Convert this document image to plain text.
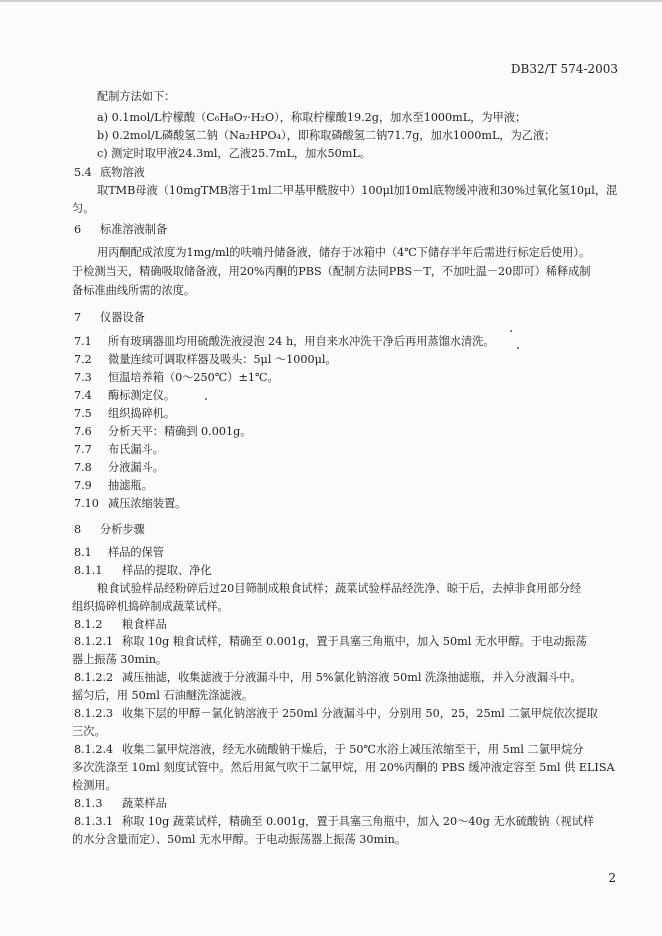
DB32/T 574-2003
配制方法如下：
a) 0.1mol/L柠檬酸（C₆H₈O₇·H₂O），称取柠檬酸19.2g，加水至1000mL，为甲液；
b) 0.2mol/L磷酸氢二钠（Na₂HPO₄），即称取磷酸氢二钠71.7g，加水1000mL，为乙液；
c) 测定时取甲液24.3ml，乙液25.7mL，加水50mL。
5.4 底物溶液
取TMB母液（10mgTMB溶于1ml二甲基甲酰胺中）100μl加10ml底物缓冲液和30%过氧化氢10μl，混
匀。
6 标准溶液制备
用丙酮配成浓度为1mg/ml的呋喃丹储备液，储存于冰箱中（4℃下储存半年后需进行标定后使用）。
于检测当天，精确吸取储备液，用20%丙酮的PBS（配制方法同PBS－T，不加吐温－20即可）稀释成制
备标准曲线所需的浓度。
7 仪器设备
7.1 所有玻璃器皿均用硫酸洗液浸泡 24 h，用自来水冲洗干净后再用蒸馏水清洗。
7.2 微量连续可调取样器及吸头：5μl ～1000μl。
7.3 恒温培养箱（0～250℃）±1℃。
7.4 酶标测定仪。
7.5 组织捣碎机。
7.6 分析天平：精确到 0.001g。
7.7 布氏漏斗。
7.8 分液漏斗。
7.9 抽滤瓶。
7.10 减压浓缩装置。
8 分析步骤
8.1 样品的保管
8.1.1 样品的提取、净化
粮食试验样品经粉碎后过20目筛制成粮食试样；蔬菜试验样品经洗净、晾干后，去掉非食用部分经
组织捣碎机捣碎制成蔬菜试样。
8.1.2 粮食样品
8.1.2.1 称取 10g 粮食试样，精确至 0.001g，置于具塞三角瓶中，加入 50ml 无水甲醇。于电动振荡
器上振荡 30min。
8.1.2.2 减压抽滤，收集滤液于分液漏斗中，用 5%氯化钠溶液 50ml 洗涤抽滤瓶，并入分液漏斗中。
摇匀后，用 50ml 石油醚洗涤滤液。
8.1.2.3 收集下层的甲醇－氯化钠溶液于 250ml 分液漏斗中，分别用 50，25，25ml 二氯甲烷依次提取
三次。
8.1.2.4 收集二氯甲烷溶液，经无水硫酸钠干燥后，于 50℃水浴上减压浓缩至干，用 5ml 二氯甲烷分
多次洗涤至 10ml 刻度试管中。然后用氮气吹干二氯甲烷，用 20%丙酮的 PBS 缓冲液定容至 5ml 供 ELISA
检测用。
8.1.3 蔬菜样品
8.1.3.1 称取 10g 蔬菜试样，精确至 0.001g，置于具塞三角瓶中，加入 20～40g 无水硫酸钠（视试样
的水分含量而定）、50ml 无水甲醇。于电动振荡器上振荡 30min。
2
